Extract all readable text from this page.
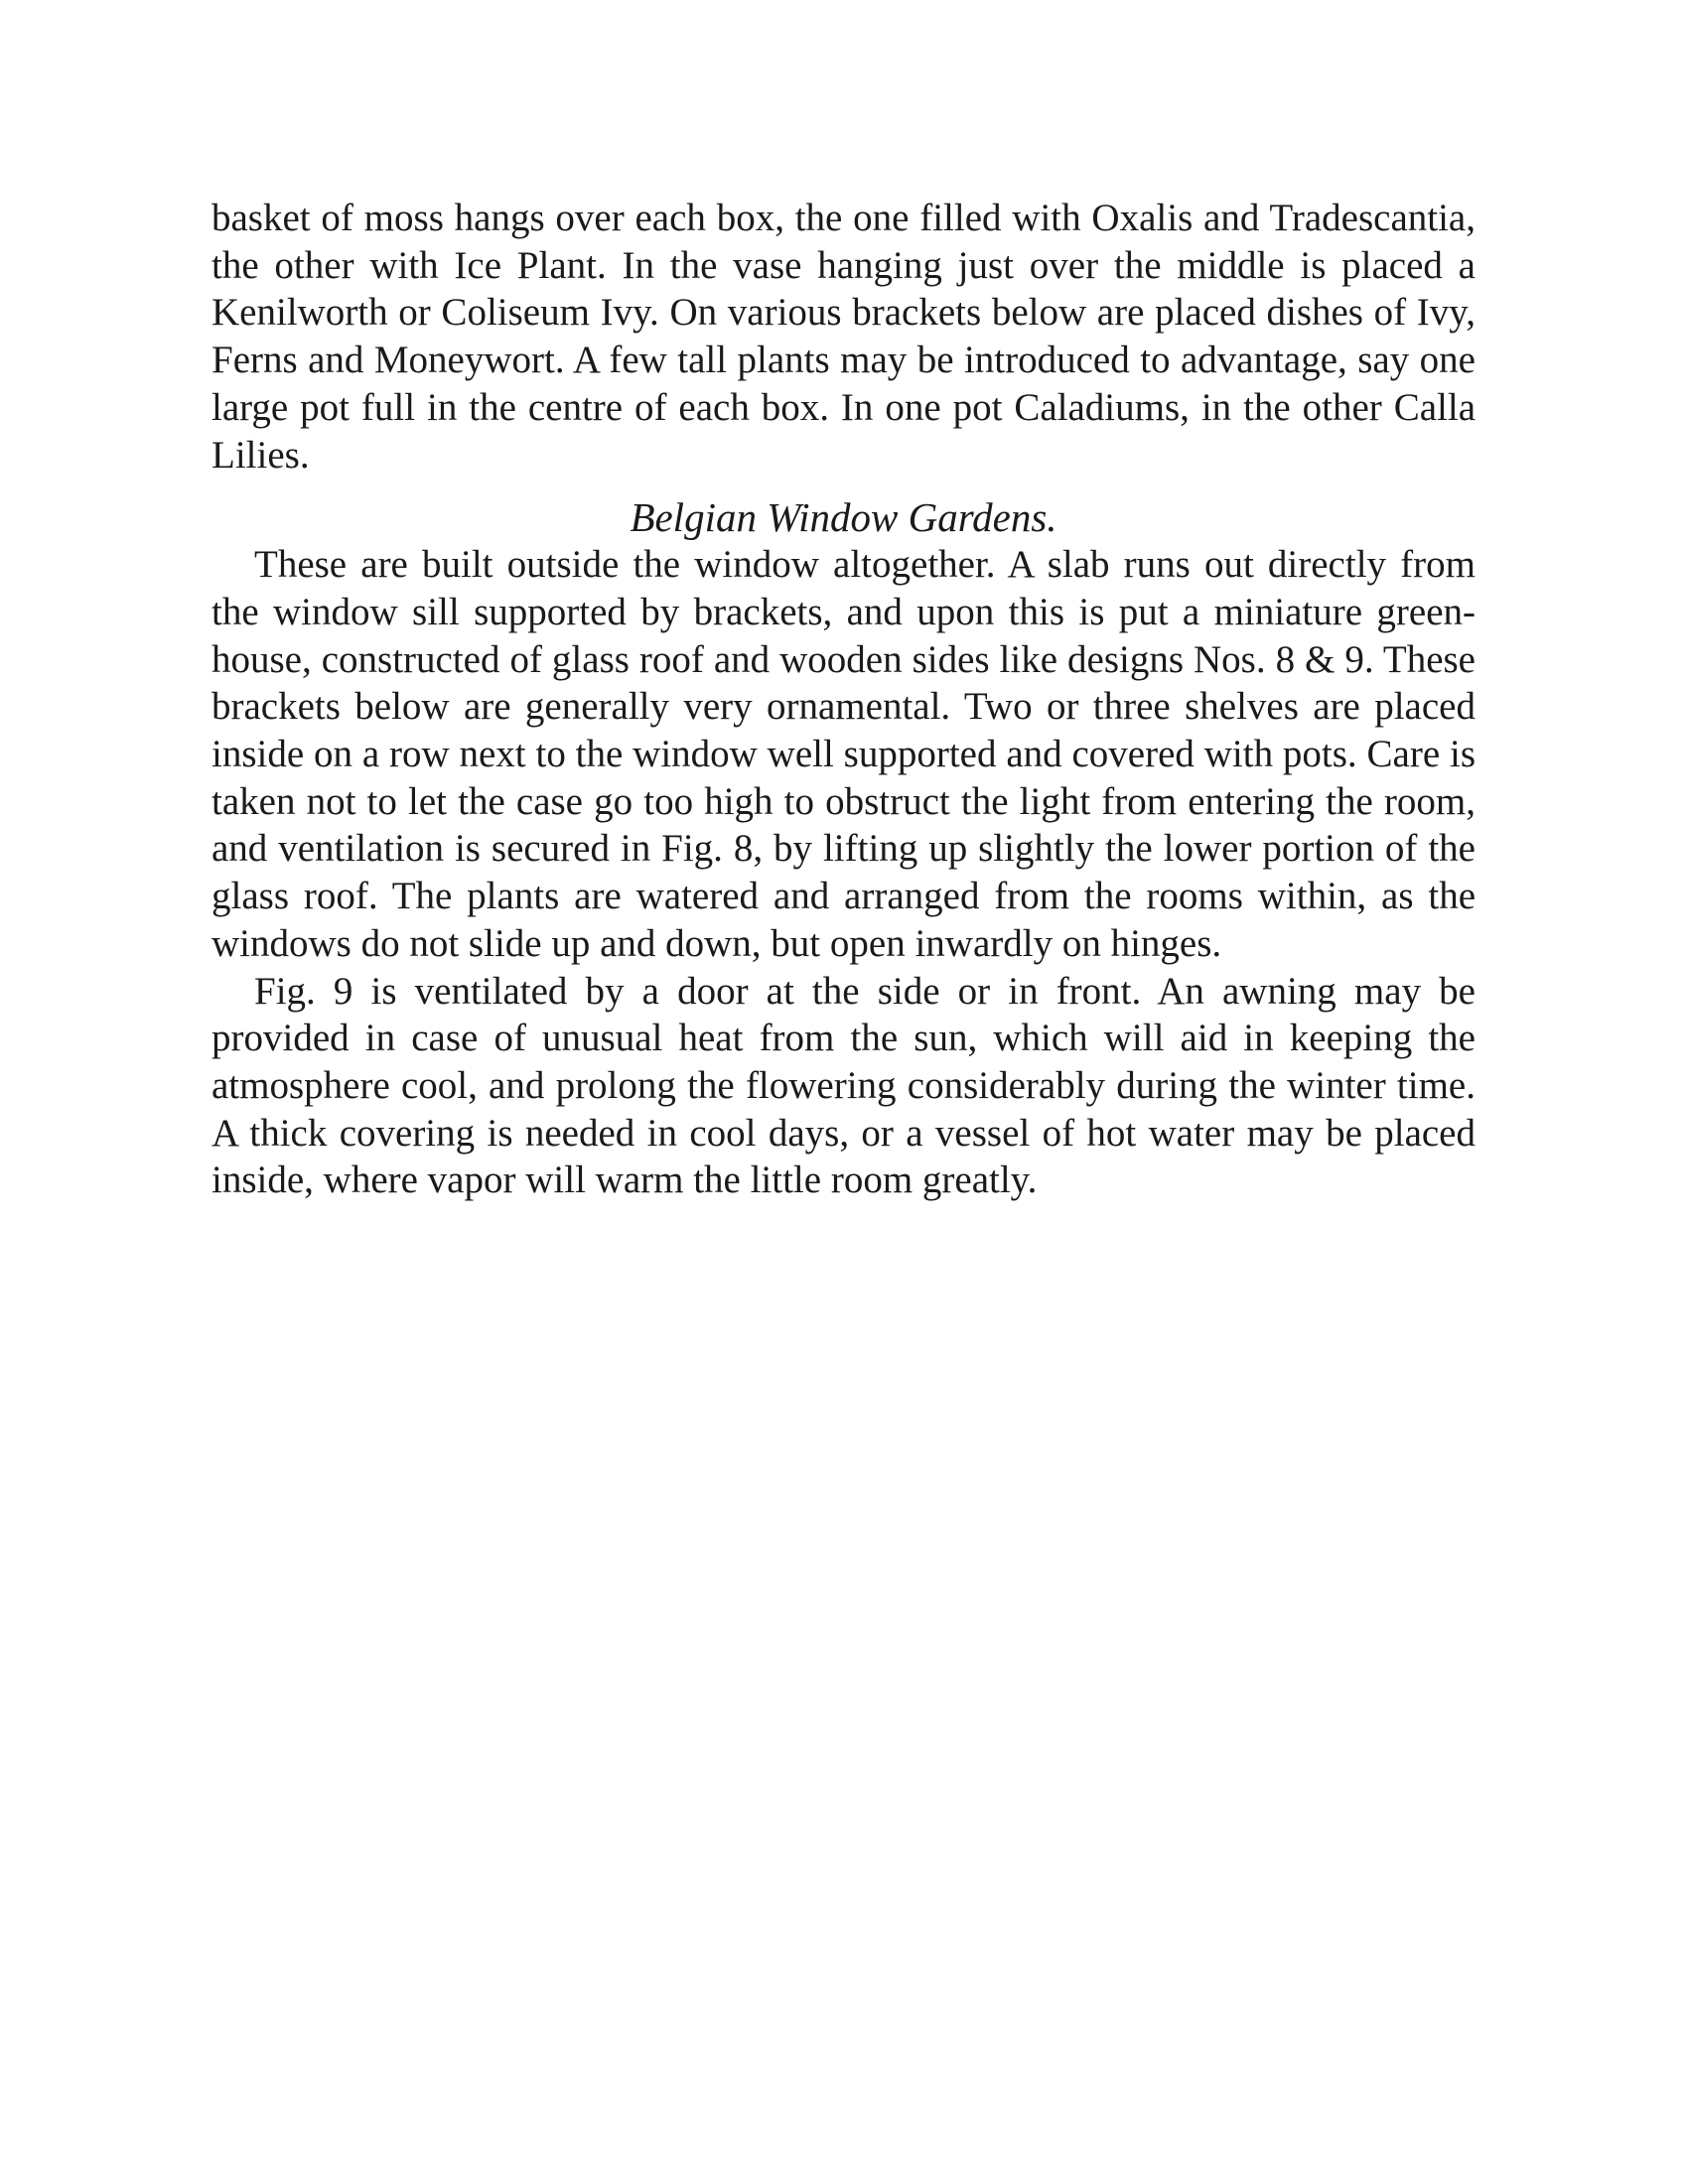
basket of moss hangs over each box, the one filled with Oxalis and Tradescantia, the other with Ice Plant. In the vase hanging just over the middle is placed a Kenilworth or Coliseum Ivy. On various brackets below are placed dishes of Ivy, Ferns and Moneywort. A few tall plants may be introduced to advantage, say one large pot full in the centre of each box. In one pot Caladiums, in the other Calla Lilies.

Belgian Window Gardens.

These are built outside the window altogether. A slab runs out directly from the window sill supported by brackets, and upon this is put a miniature green-house, constructed of glass roof and wooden sides like designs Nos. 8 & 9. These brackets below are generally very ornamental. Two or three shelves are placed inside on a row next to the window well supported and covered with pots. Care is taken not to let the case go too high to obstruct the light from entering the room, and ventilation is secured in Fig. 8, by lifting up slightly the lower portion of the glass roof. The plants are watered and arranged from the rooms within, as the windows do not slide up and down, but open inwardly on hinges.

Fig. 9 is ventilated by a door at the side or in front. An awning may be provided in case of unusual heat from the sun, which will aid in keeping the atmosphere cool, and prolong the flowering considerably during the winter time. A thick covering is needed in cool days, or a vessel of hot water may be placed inside, where vapor will warm the little room greatly.
